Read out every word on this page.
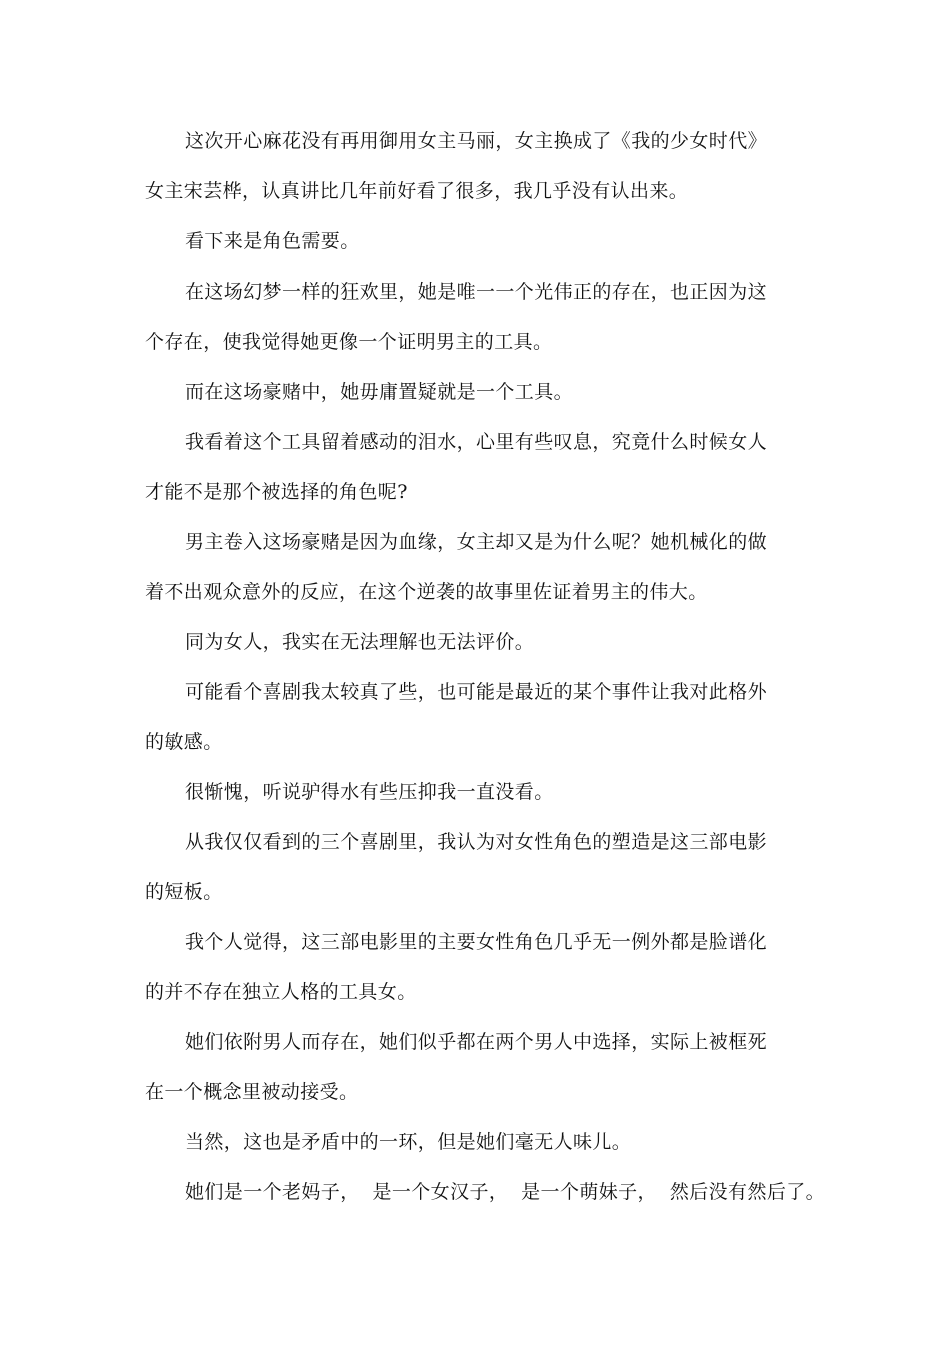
这次开心麻花没有再用御用女主马丽，女主换成了《我的少女时代》
女主宋芸桦，认真讲比几年前好看了很多，我几乎没有认出来。
看下来是角色需要。
在这场幻梦一样的狂欢里，她是唯一一个光伟正的存在，也正因为这
个存在，使我觉得她更像一个证明男主的工具。
而在这场豪赌中，她毋庸置疑就是一个工具。
我看着这个工具留着感动的泪水，心里有些叹息，究竟什么时候女人
才能不是那个被选择的角色呢?
男主卷入这场豪赌是因为血缘，女主却又是为什么呢？她机械化的做
着不出观众意外的反应，在这个逆袭的故事里佐证着男主的伟大。
同为女人，我实在无法理解也无法评价。
可能看个喜剧我太较真了些，也可能是最近的某个事件让我对此格外
的敏感。
很惭愧，听说驴得水有些压抑我一直没看。
从我仅仅看到的三个喜剧里，我认为对女性角色的塑造是这三部电影
的短板。
我个人觉得，这三部电影里的主要女性角色几乎无一例外都是脸谱化
的并不存在独立人格的工具女。
她们依附男人而存在，她们似乎都在两个男人中选择，实际上被框死
在一个概念里被动接受。
当然，这也是矛盾中的一环，但是她们毫无人味儿。
她们是一个老妈子，  是一个女汉子，  是一个萌妹子，  然后没有然后了。
